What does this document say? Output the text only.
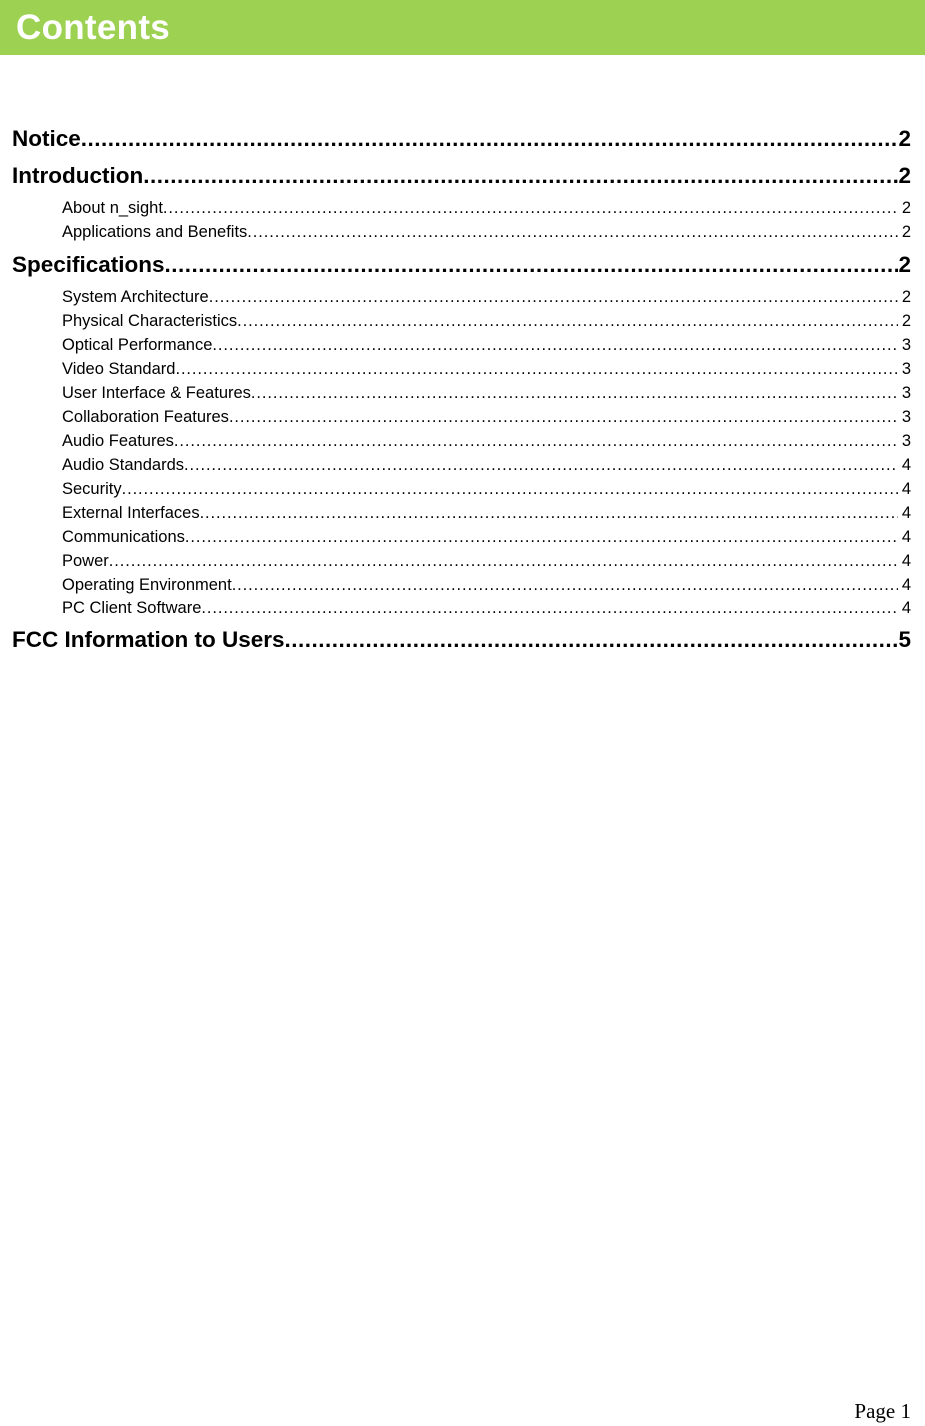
Contents
Notice .....	2
Introduction .....	2
About n_sight .....	2
Applications and Benefits .....	2
Specifications .....	2
System Architecture .....	2
Physical Characteristics .....	2
Optical Performance .....	3
Video Standard .....	3
User Interface & Features .....	3
Collaboration Features .....	3
Audio Features .....	3
Audio Standards .....	4
Security .....	4
External Interfaces .....	4
Communications .....	4
Power .....	4
Operating Environment .....	4
PC Client Software .....	4
FCC Information to Users .....	5
Page 1
